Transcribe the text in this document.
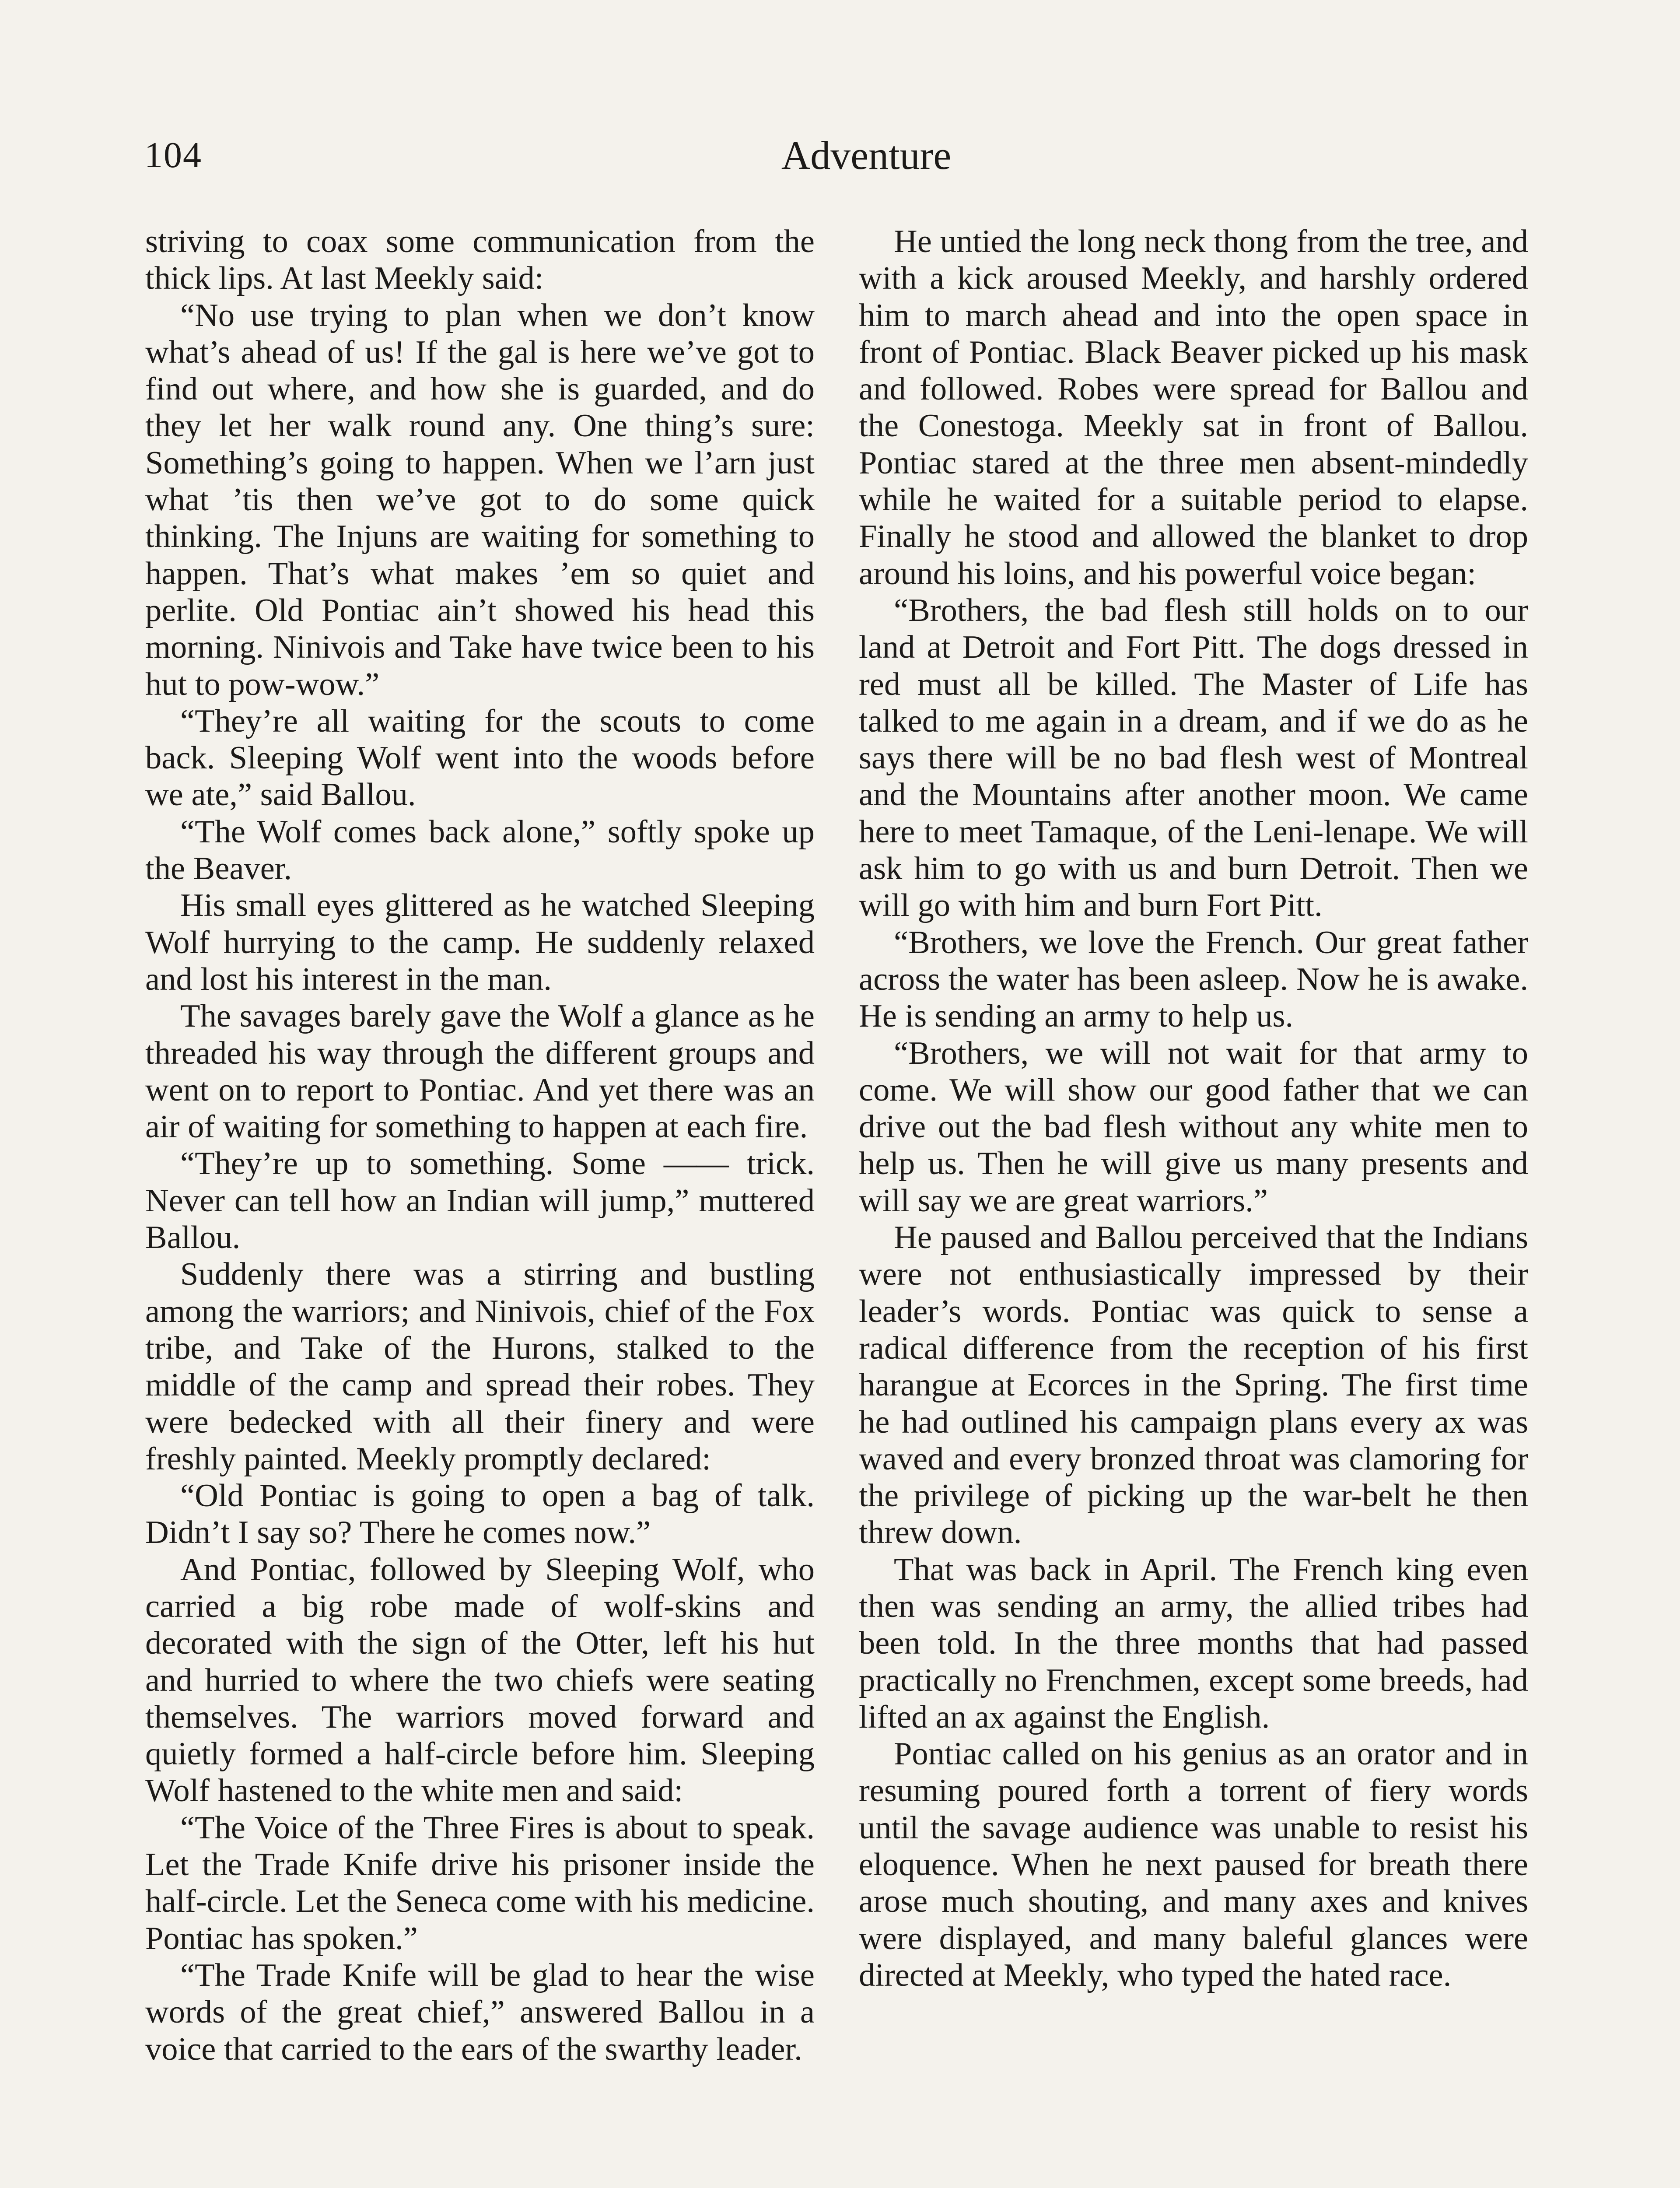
104	Adventure

striving to coax some communication from the thick lips. At last Meekly said:

“No use trying to plan when we don’t know what’s ahead of us! If the gal is here we’ve got to find out where, and how she is guarded, and do they let her walk round any. One thing’s sure: Something’s going to happen. When we l’arn just what ’tis then we’ve got to do some quick thinking. The Injuns are waiting for something to happen. That’s what makes ’em so quiet and perlite. Old Pontiac ain’t showed his head this morning. Ninivois and Take have twice been to his hut to pow-wow.”

“They’re all waiting for the scouts to come back. Sleeping Wolf went into the woods before we ate,” said Ballou.

“The Wolf comes back alone,” softly spoke up the Beaver.

His small eyes glittered as he watched Sleeping Wolf hurrying to the camp. He suddenly relaxed and lost his interest in the man.

The savages barely gave the Wolf a glance as he threaded his way through the different groups and went on to report to Pontiac. And yet there was an air of waiting for something to happen at each fire.

“They’re up to something. Some —— trick. Never can tell how an Indian will jump,” muttered Ballou.

Suddenly there was a stirring and bustling among the warriors; and Ninivois, chief of the Fox tribe, and Take of the Hurons, stalked to the middle of the camp and spread their robes. They were bedecked with all their finery and were freshly painted. Meekly promptly declared:

“Old Pontiac is going to open a bag of talk. Didn’t I say so? There he comes now.”

And Pontiac, followed by Sleeping Wolf, who carried a big robe made of wolf-skins and decorated with the sign of the Otter, left his hut and hurried to where the two chiefs were seating themselves. The warriors moved forward and quietly formed a half-circle before him. Sleeping Wolf hastened to the white men and said:

“The Voice of the Three Fires is about to speak. Let the Trade Knife drive his prisoner inside the half-circle. Let the Seneca come with his medicine. Pontiac has spoken.”

“The Trade Knife will be glad to hear the wise words of the great chief,” answered Ballou in a voice that carried to the ears of the swarthy leader.

He untied the long neck thong from the tree, and with a kick aroused Meekly, and harshly ordered him to march ahead and into the open space in front of Pontiac. Black Beaver picked up his mask and followed. Robes were spread for Ballou and the Conestoga. Meekly sat in front of Ballou. Pontiac stared at the three men absent-mindedly while he waited for a suitable period to elapse. Finally he stood and allowed the blanket to drop around his loins, and his powerful voice began:

“Brothers, the bad flesh still holds on to our land at Detroit and Fort Pitt. The dogs dressed in red must all be killed. The Master of Life has talked to me again in a dream, and if we do as he says there will be no bad flesh west of Montreal and the Mountains after another moon. We came here to meet Tamaque, of the Leni-lenape. We will ask him to go with us and burn Detroit. Then we will go with him and burn Fort Pitt.

“Brothers, we love the French. Our great father across the water has been asleep. Now he is awake. He is sending an army to help us.

“Brothers, we will not wait for that army to come. We will show our good father that we can drive out the bad flesh without any white men to help us. Then he will give us many presents and will say we are great warriors.”

He paused and Ballou perceived that the Indians were not enthusiastically impressed by their leader’s words. Pontiac was quick to sense a radical difference from the reception of his first harangue at Ecorces in the Spring. The first time he had outlined his campaign plans every ax was waved and every bronzed throat was clamoring for the privilege of picking up the war-belt he then threw down.

That was back in April. The French king even then was sending an army, the allied tribes had been told. In the three months that had passed practically no Frenchmen, except some breeds, had lifted an ax against the English.

Pontiac called on his genius as an orator and in resuming poured forth a torrent of fiery words until the savage audience was unable to resist his eloquence. When he next paused for breath there arose much shouting, and many axes and knives were displayed, and many baleful glances were directed at Meekly, who typed the hated race.
